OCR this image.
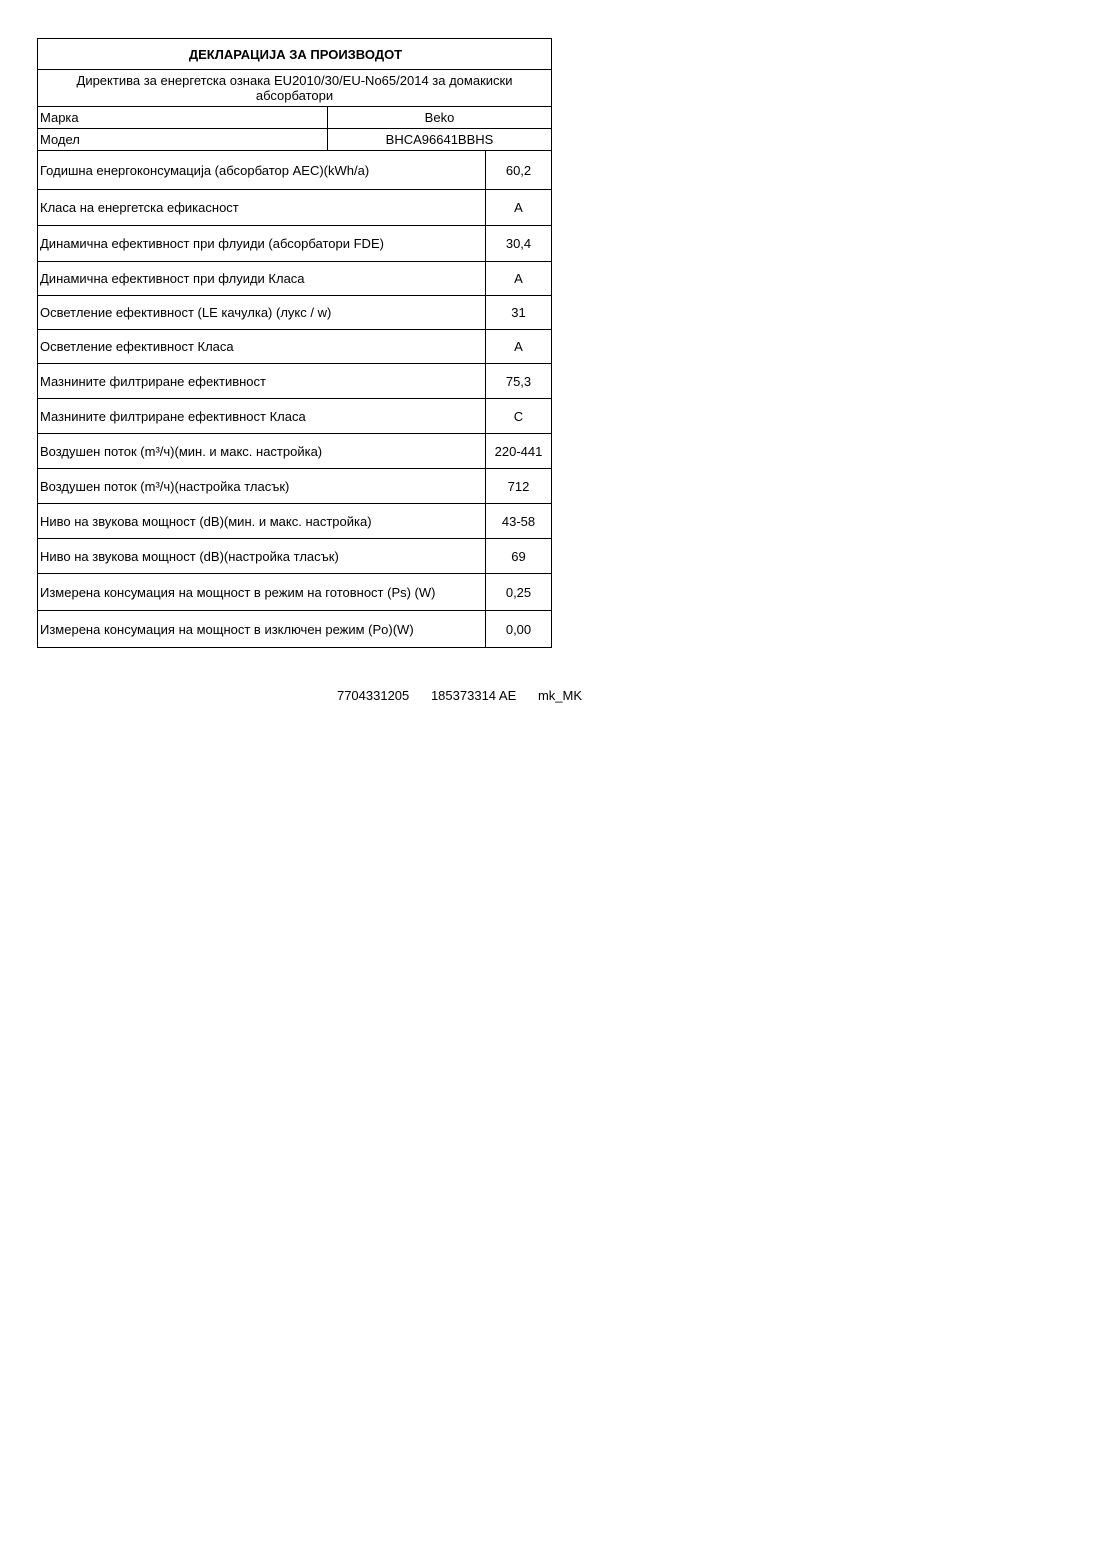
ДЕКЛАРАЦИЈА ЗА ПРОИЗВОДОТ		
Директива за енергетска ознака EU2010/30/EU-No65/2014 за домакиски абсорбатори		
Марка	Beko	
Модел	BHCA96641BBHS	
Годишна енергоконсумација (абсорбатор AEC)(kWh/a)		60,2
Класа на енергетска ефикасност		A
Динамична ефективност при флуиди (абсорбатори FDE)		30,4
Динамична ефективност при флуиди Класа		A
Осветление ефективност (LE качулка) (лукс / w)		31
Осветление ефективност Класа		A
Мазнините филтриране ефективност		75,3
Мазнините филтриране ефективност Класа		C
Воздушен поток (m³/ч)(мин. и макс. настройка)		220-441
Воздушен поток (m³/ч)(настройка тласък)		712
Ниво на звукова мощност (dB)(мин. и макс. настройка)		43-58
Ниво на звукова мощност (dB)(настройка тласък)		69
Измерена консумация на мощност в режим на готовност (Ps) (W)		0,25
Измерена консумация на мощност в изключен режим (Po)(W)		0,00
7704331205 185373314 AE mk_MK
